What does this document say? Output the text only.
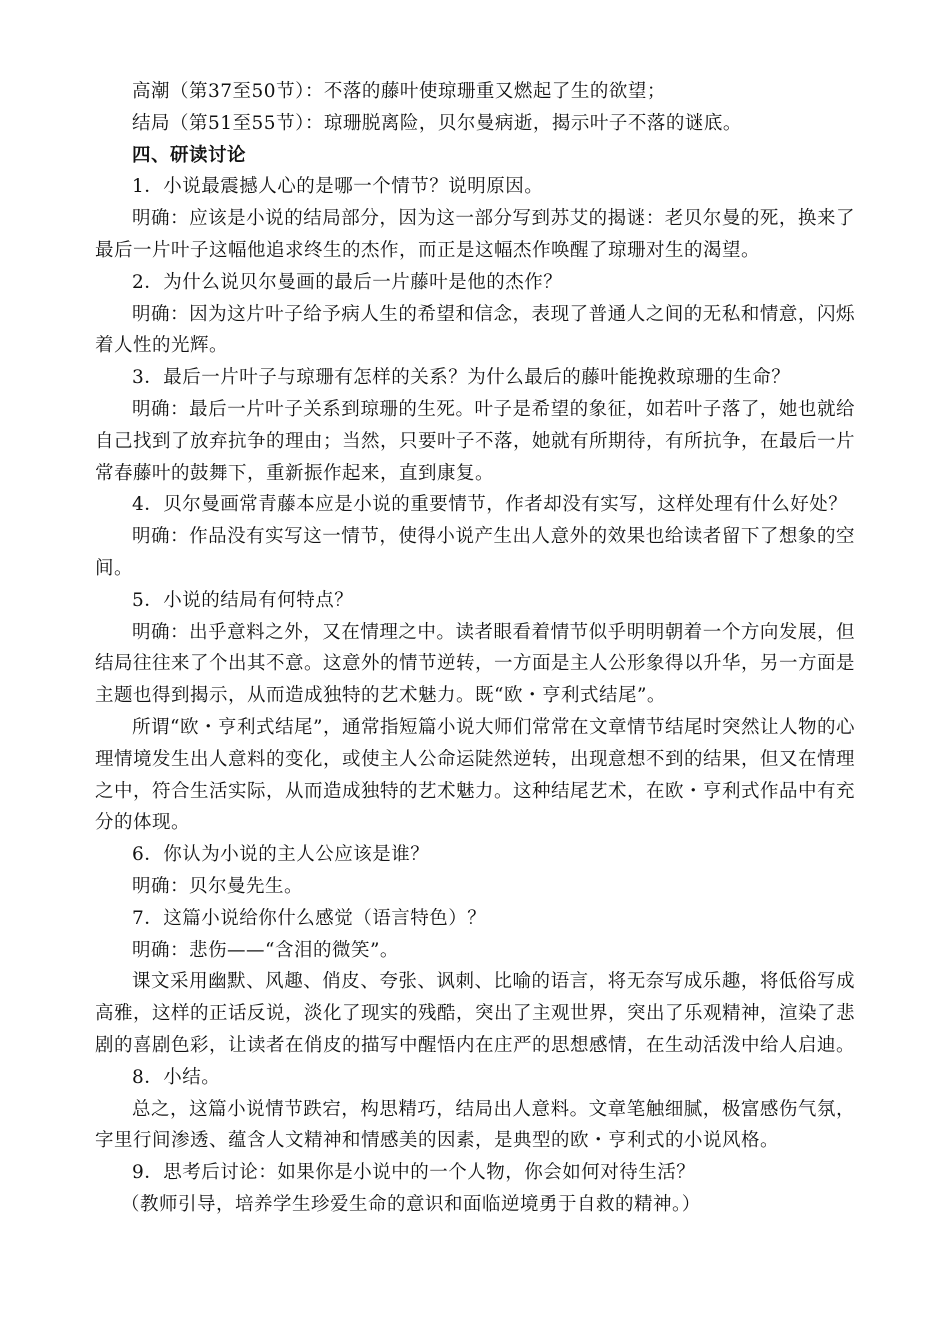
高潮（第37至50节）：不落的藤叶使琼珊重又燃起了生的欲望；

结局（第51至55节）：琼珊脱离险，贝尔曼病逝，揭示叶子不落的谜底。

四、研读讨论

1．小说最震撼人心的是哪一个情节？说明原因。

明确：应该是小说的结局部分，因为这一部分写到苏艾的揭谜：老贝尔曼的死，换来了最后一片叶子这幅他追求终生的杰作，而正是这幅杰作唤醒了琼珊对生的渴望。

2．为什么说贝尔曼画的最后一片藤叶是他的杰作？

明确：因为这片叶子给予病人生的希望和信念，表现了普通人之间的无私和情意，闪烁着人性的光辉。

3．最后一片叶子与琼珊有怎样的关系？为什么最后的藤叶能挽救琼珊的生命？

明确：最后一片叶子关系到琼珊的生死。叶子是希望的象征，如若叶子落了，她也就给自己找到了放弃抗争的理由；当然，只要叶子不落，她就有所期待，有所抗争，在最后一片常春藤叶的鼓舞下，重新振作起来，直到康复。

4．贝尔曼画常青藤本应是小说的重要情节，作者却没有实写，这样处理有什么好处？

明确：作品没有实写这一情节，使得小说产生出人意外的效果也给读者留下了想象的空间。

5．小说的结局有何特点？

明确：出乎意料之外，又在情理之中。读者眼看着情节似乎明明朝着一个方向发展，但结局往往来了个出其不意。这意外的情节逆转，一方面是主人公形象得以升华，另一方面是主题也得到揭示，从而造成独特的艺术魅力。既“欧・亨利式结尾”。

所谓“欧・亨利式结尾”，通常指短篇小说大师们常常在文章情节结尾时突然让人物的心理情境发生出人意料的变化，或使主人公命运陡然逆转，出现意想不到的结果，但又在情理之中，符合生活实际，从而造成独特的艺术魅力。这种结尾艺术，在欧・亨利式作品中有充分的体现。

6．你认为小说的主人公应该是谁？

明确：贝尔曼先生。

7．这篇小说给你什么感觉（语言特色）？

明确：悲伤——“含泪的微笑”。

课文采用幽默、风趣、俏皮、夸张、讽刺、比喻的语言，将无奈写成乐趣，将低俗写成高雅，这样的正话反说，淡化了现实的残酷，突出了主观世界，突出了乐观精神，渲染了悲剧的喜剧色彩，让读者在俏皮的描写中醒悟内在庄严的思想感情，在生动活泼中给人启迪。

8．小结。

总之，这篇小说情节跌宕，构思精巧，结局出人意料。文章笔触细腻，极富感伤气氛，字里行间渗透、蕴含人文精神和情感美的因素，是典型的欧・亨利式的小说风格。

9．思考后讨论：如果你是小说中的一个人物，你会如何对待生活？

（教师引导，培养学生珍爱生命的意识和面临逆境勇于自救的精神。）
